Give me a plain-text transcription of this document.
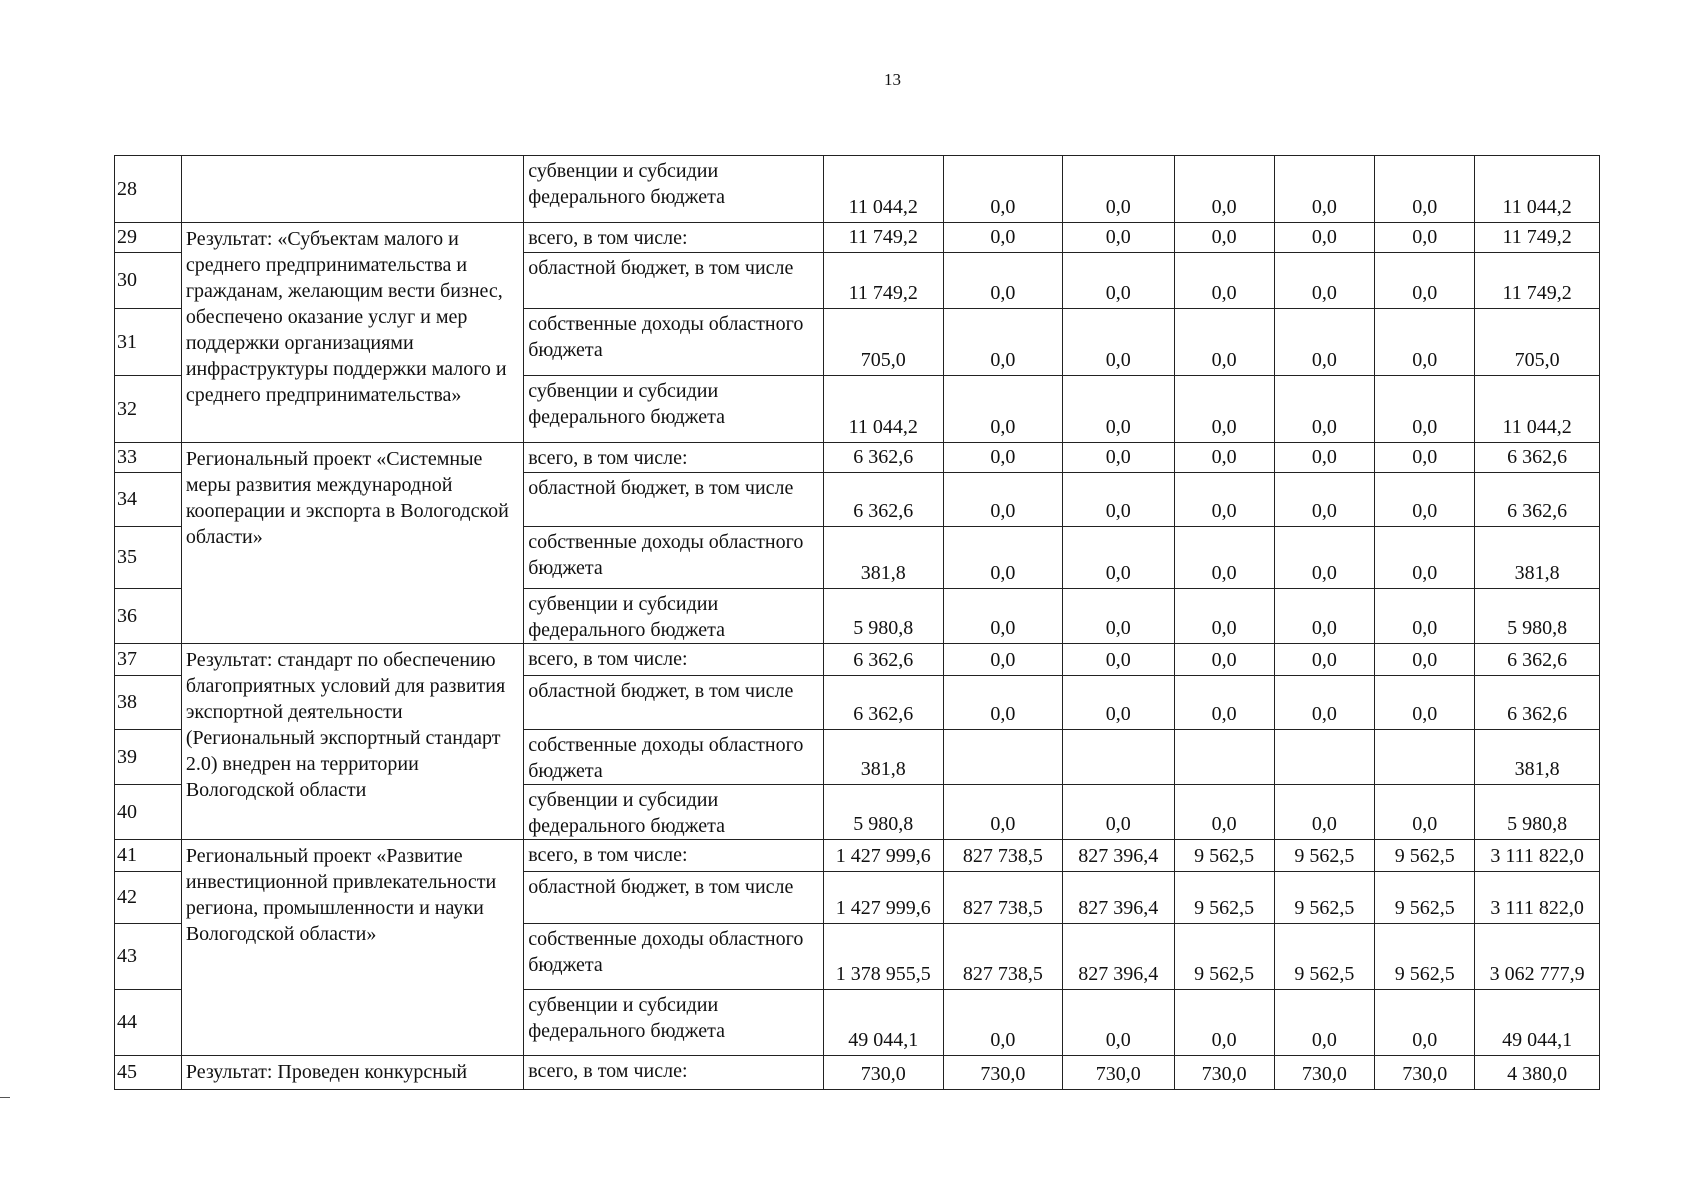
13
28		субвенции и субсидии федерального бюджета	11 044,2	0,0	0,0	0,0	0,0	0,0	11 044,2
29	Результат: «Субъектам малого и среднего предпринимательства и гражданам, желающим вести бизнес, обеспечено оказание услуг и мер поддержки организациями инфраструктуры поддержки малого и среднего предпринимательства»	всего, в том числе:	11 749,2	0,0	0,0	0,0	0,0	0,0	11 749,2
30		областной бюджет, в том числе	11 749,2	0,0	0,0	0,0	0,0	0,0	11 749,2
31		собственные доходы областного бюджета	705,0	0,0	0,0	0,0	0,0	0,0	705,0
32		субвенции и субсидии федерального бюджета	11 044,2	0,0	0,0	0,0	0,0	0,0	11 044,2
33	Региональный проект «Системные меры развития международной кооперации и экспорта в Вологодской области»	всего, в том числе:	6 362,6	0,0	0,0	0,0	0,0	0,0	6 362,6
34		областной бюджет, в том числе	6 362,6	0,0	0,0	0,0	0,0	0,0	6 362,6
35		собственные доходы областного бюджета	381,8	0,0	0,0	0,0	0,0	0,0	381,8
36		субвенции и субсидии федерального бюджета	5 980,8	0,0	0,0	0,0	0,0	0,0	5 980,8
37	Результат: стандарт по обеспечению благоприятных условий для развития экспортной деятельности (Региональный экспортный стандарт 2.0) внедрен на территории Вологодской области	всего, в том числе:	6 362,6	0,0	0,0	0,0	0,0	0,0	6 362,6
38		областной бюджет, в том числе	6 362,6	0,0	0,0	0,0	0,0	0,0	6 362,6
39		собственные доходы областного бюджета	381,8						381,8
40		субвенции и субсидии федерального бюджета	5 980,8	0,0	0,0	0,0	0,0	0,0	5 980,8
41	Региональный проект «Развитие инвестиционной привлекательности региона, промышленности и науки Вологодской области»	всего, в том числе:	1 427 999,6	827 738,5	827 396,4	9 562,5	9 562,5	9 562,5	3 111 822,0
42		областной бюджет, в том числе	1 427 999,6	827 738,5	827 396,4	9 562,5	9 562,5	9 562,5	3 111 822,0
43		собственные доходы областного бюджета	1 378 955,5	827 738,5	827 396,4	9 562,5	9 562,5	9 562,5	3 062 777,9
44		субвенции и субсидии федерального бюджета	49 044,1	0,0	0,0	0,0	0,0	0,0	49 044,1
45	Результат: Проведен конкурсный	всего, в том числе:	730,0	730,0	730,0	730,0	730,0	730,0	4 380,0
